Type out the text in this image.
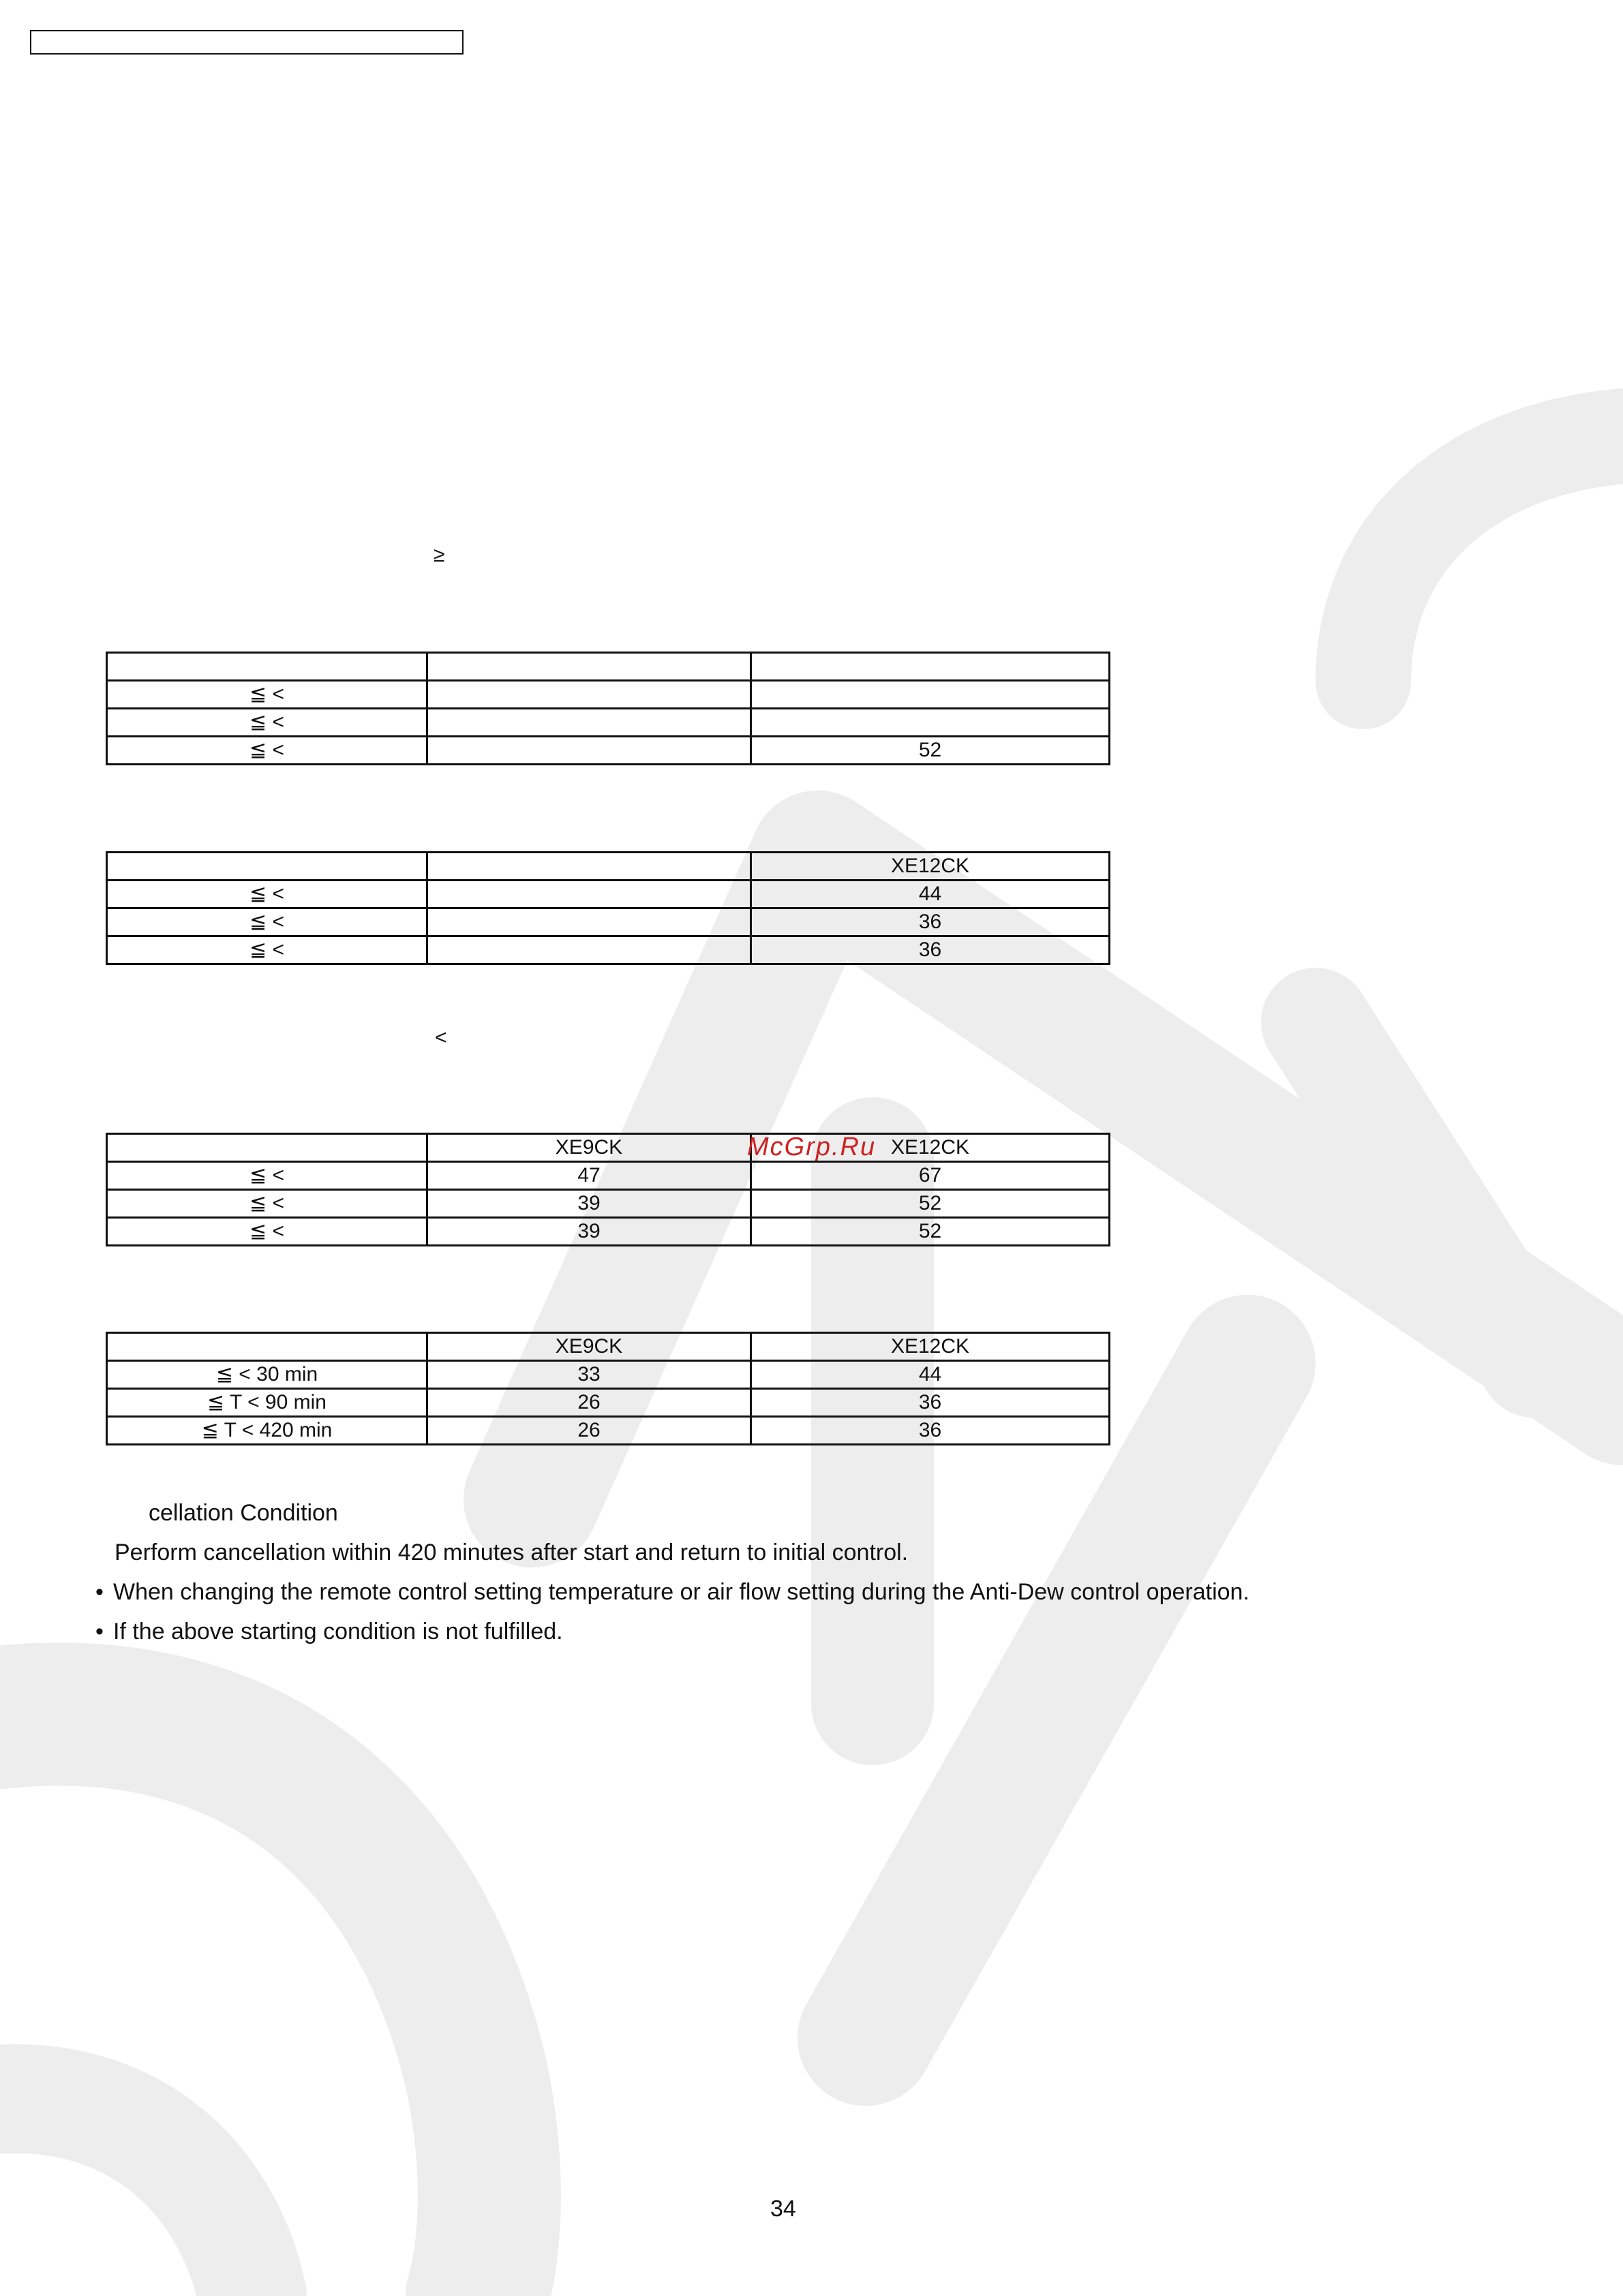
≥

≦ <		
≦ <		
≦ <		52
		XE12CK
≦ <		44
≦ <		36
≦ <		36
<
	XE9CK	XE12CK
≦ <	47	67
≦ <	39	52
≦ <	39	52
McGrp.Ru
	XE9CK	XE12CK
≦ < 30 min	33	44
≦ T < 90 min	26	36
≦ T < 420 min	26	36
cellation Condition
Perform cancellation within 420 minutes after start and return to initial control.
• When changing the remote control setting temperature or air flow setting during the Anti-Dew control operation.
• If the above starting condition is not fulfilled.
34
